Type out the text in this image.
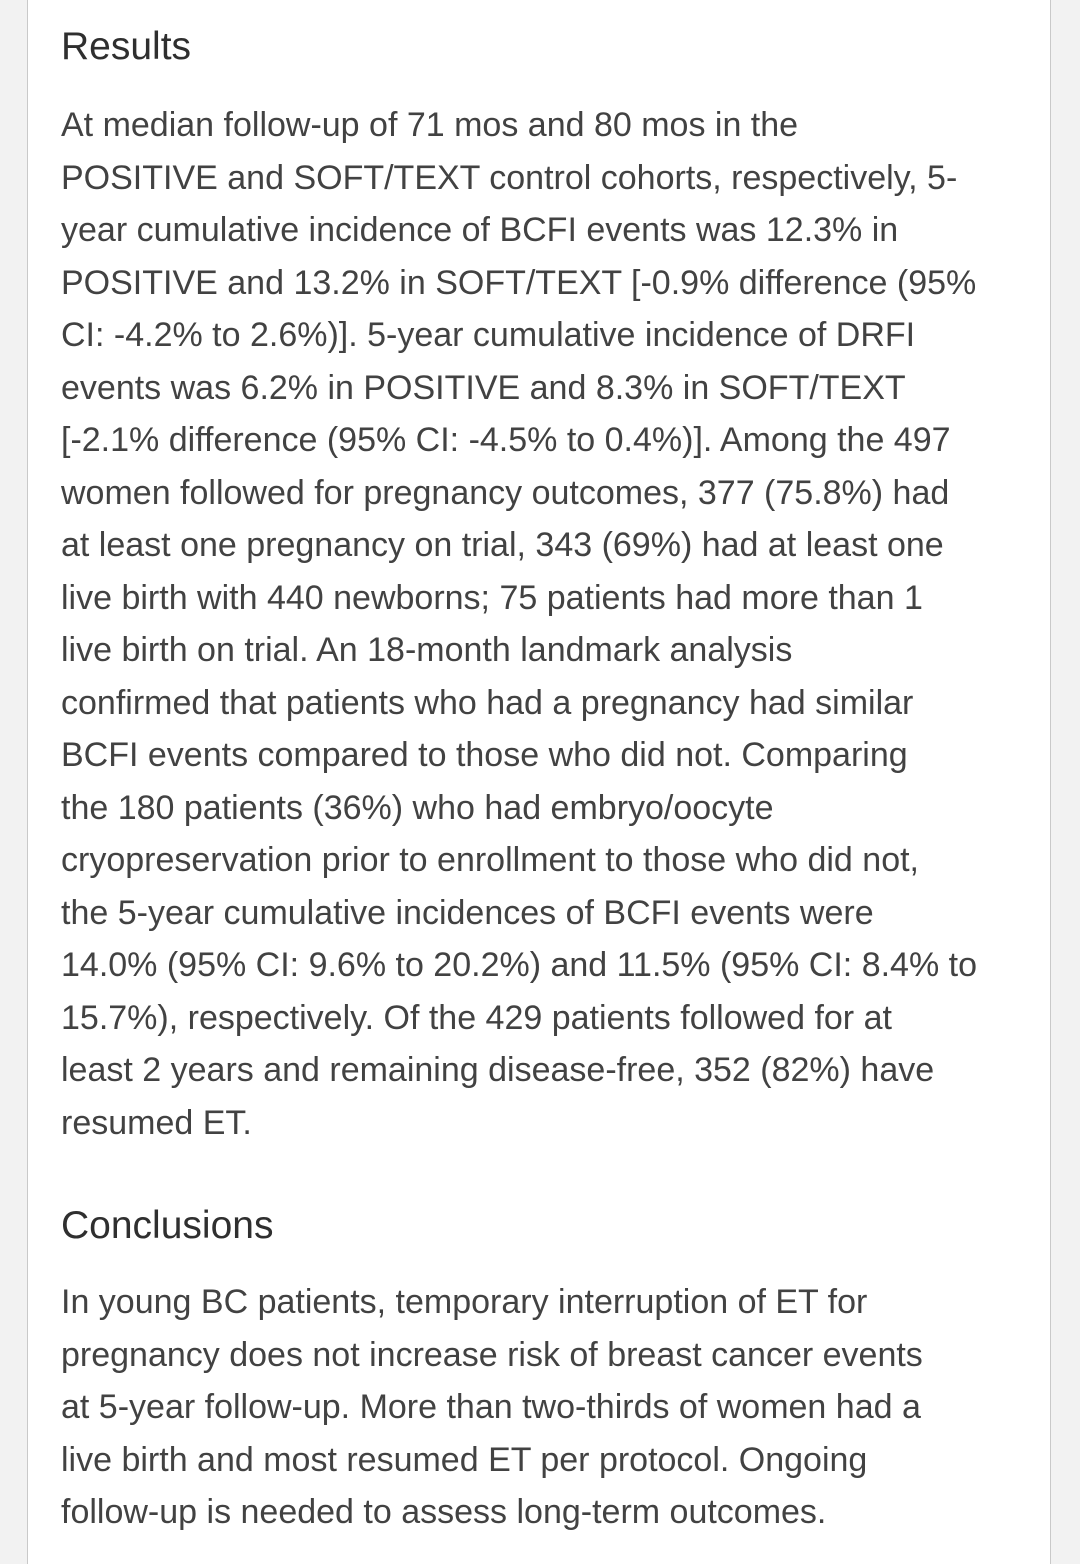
Results

At median follow-up of 71 mos and 80 mos in the
POSITIVE and SOFT/TEXT control cohorts, respectively, 5-
year cumulative incidence of BCFI events was 12.3% in
POSITIVE and 13.2% in SOFT/TEXT [-0.9% difference (95%
CI: -4.2% to 2.6%)]. 5-year cumulative incidence of DRFI
events was 6.2% in POSITIVE and 8.3% in SOFT/TEXT
[-2.1% difference (95% CI: -4.5% to 0.4%)]. Among the 497
women followed for pregnancy outcomes, 377 (75.8%) had
at least one pregnancy on trial, 343 (69%) had at least one
live birth with 440 newborns; 75 patients had more than 1
live birth on trial. An 18-month landmark analysis
confirmed that patients who had a pregnancy had similar
BCFI events compared to those who did not. Comparing
the 180 patients (36%) who had embryo/oocyte
cryopreservation prior to enrollment to those who did not,
the 5-year cumulative incidences of BCFI events were
14.0% (95% CI: 9.6% to 20.2%) and 11.5% (95% CI: 8.4% to
15.7%), respectively. Of the 429 patients followed for at
least 2 years and remaining disease-free, 352 (82%) have
resumed ET.

Conclusions

In young BC patients, temporary interruption of ET for
pregnancy does not increase risk of breast cancer events
at 5-year follow-up. More than two-thirds of women had a
live birth and most resumed ET per protocol. Ongoing
follow-up is needed to assess long-term outcomes.
